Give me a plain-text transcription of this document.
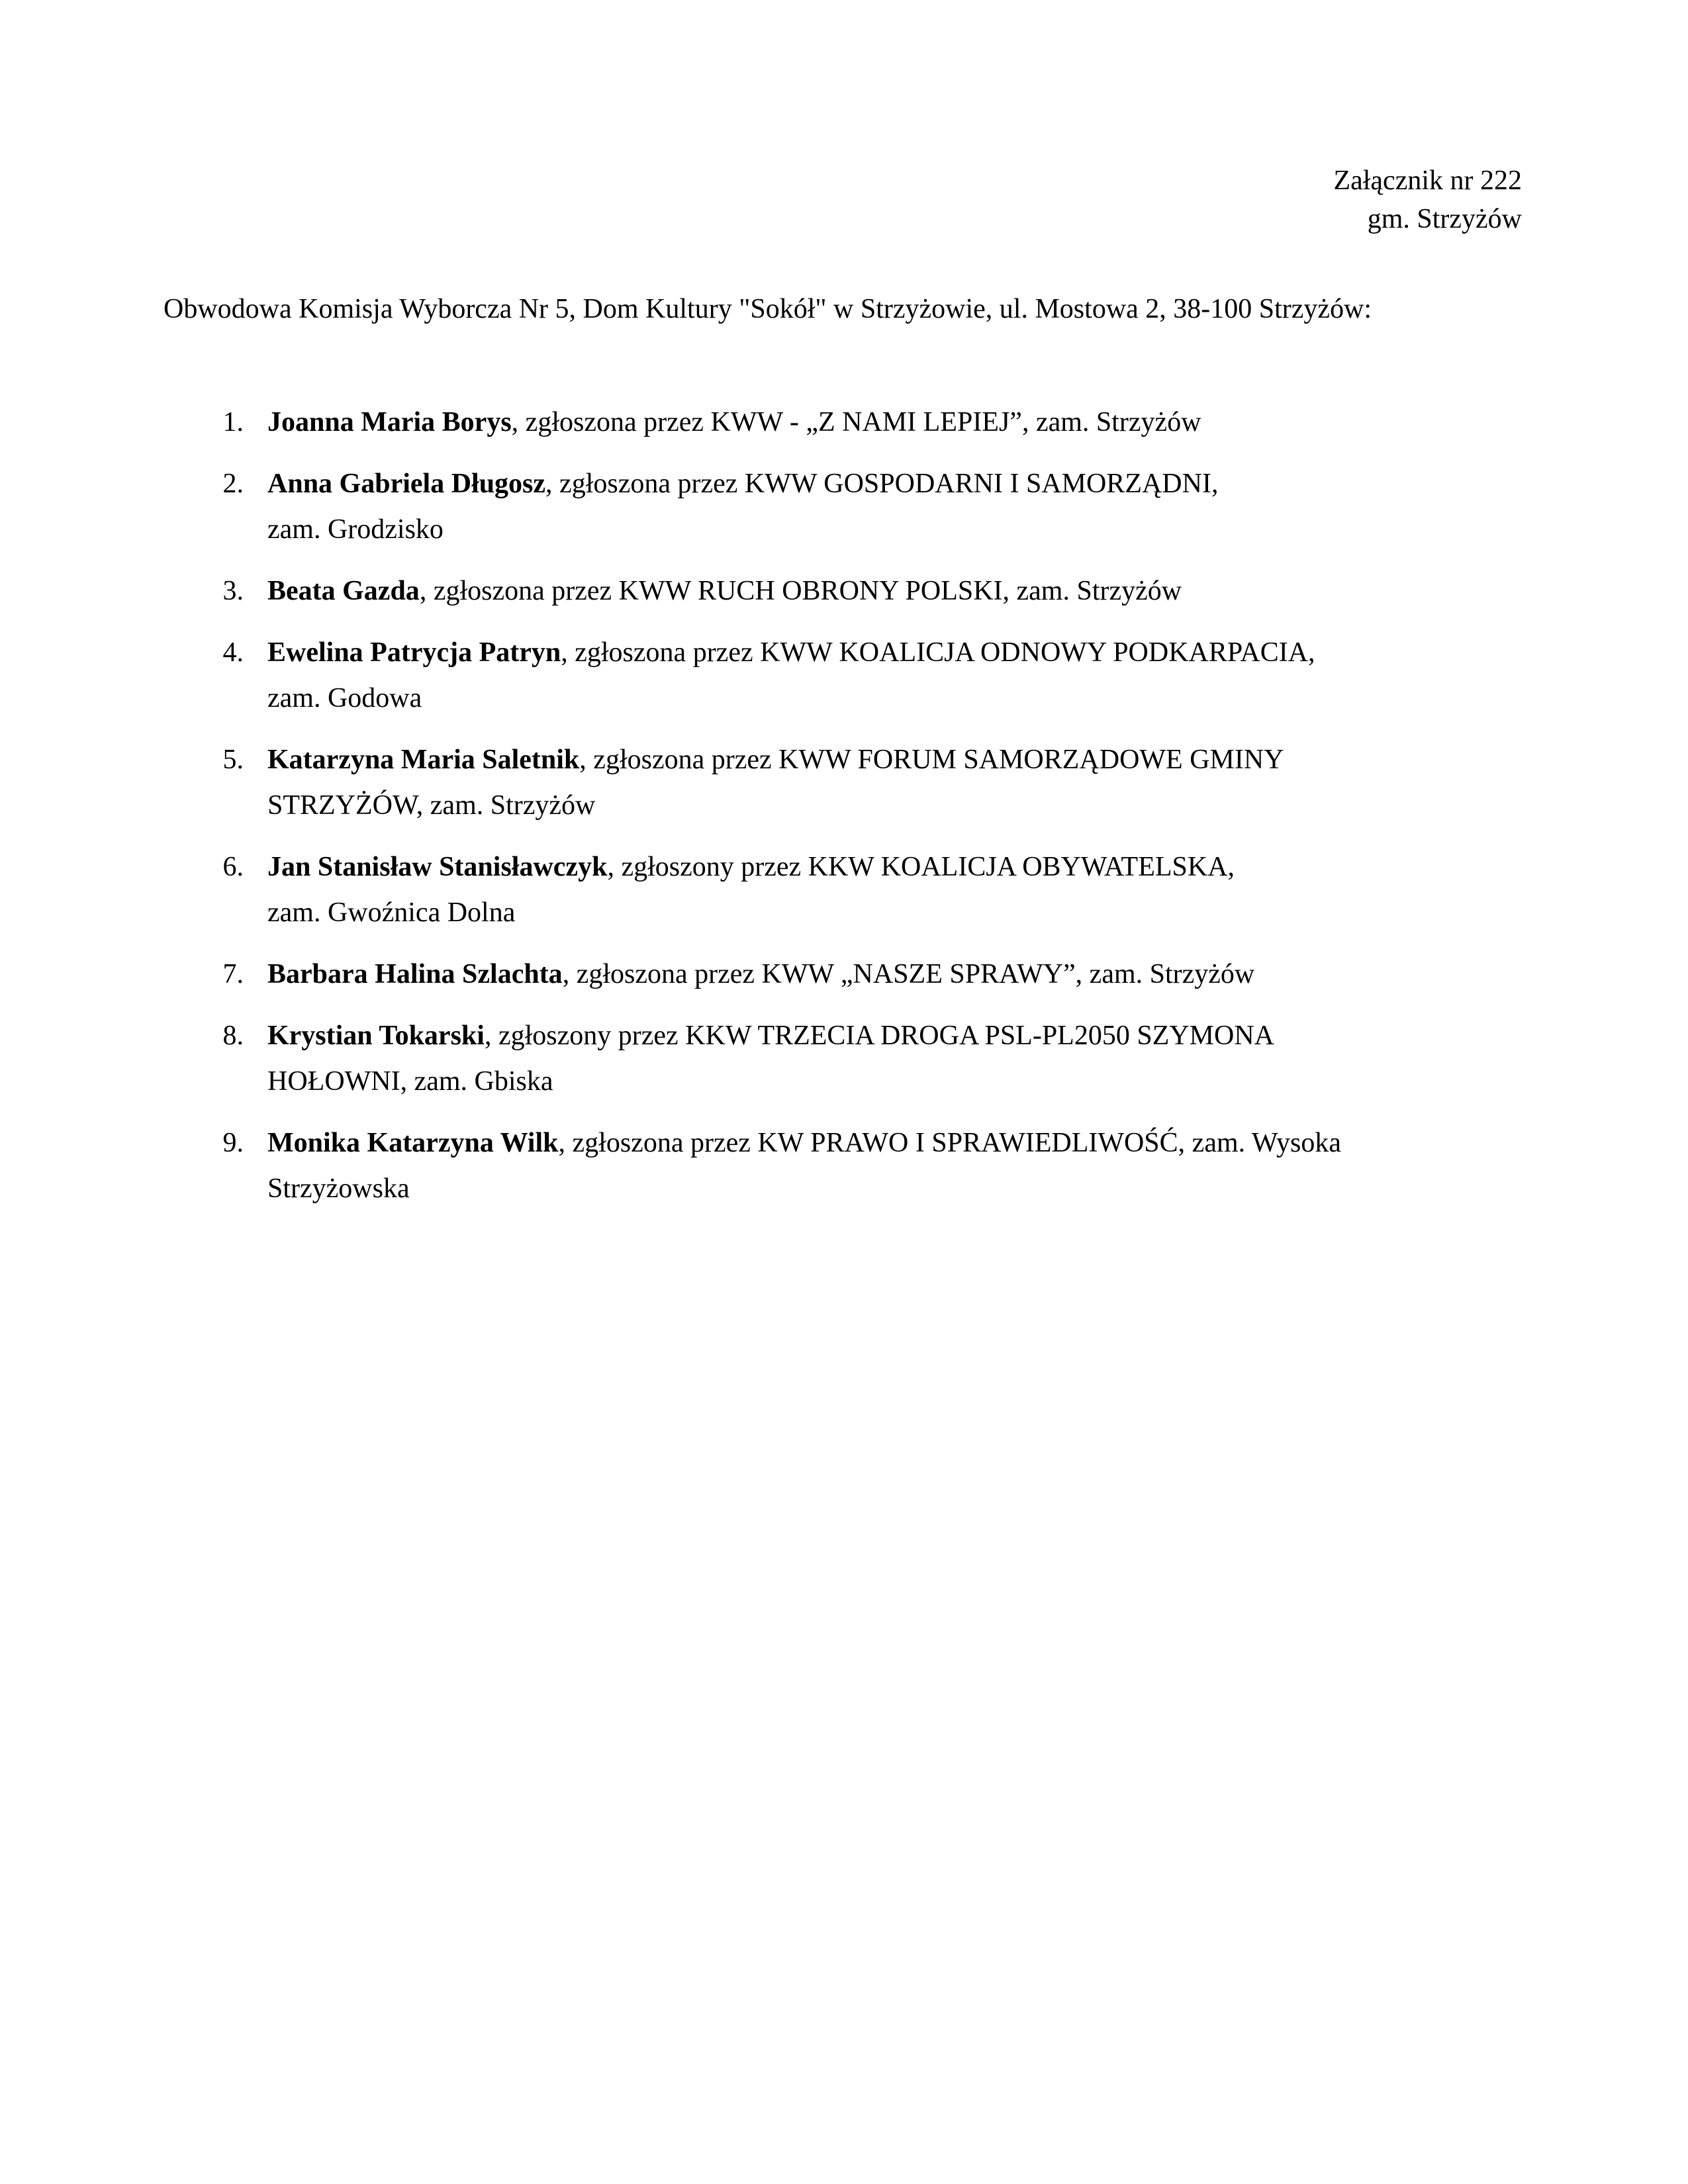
Załącznik nr 222
gm. Strzyżów
Obwodowa Komisja Wyborcza Nr 5, Dom Kultury "Sokół" w Strzyżowie, ul. Mostowa 2, 38-100 Strzyżów:
1. Joanna Maria Borys, zgłoszona przez KWW - „Z NAMI LEPIEJ”, zam. Strzyżów
2. Anna Gabriela Długosz, zgłoszona przez KWW GOSPODARNI I SAMORZĄDNI,
zam. Grodzisko
3. Beata Gazda, zgłoszona przez KWW RUCH OBRONY POLSKI, zam. Strzyżów
4. Ewelina Patrycja Patryn, zgłoszona przez KWW KOALICJA ODNOWY PODKARPACIA,
zam. Godowa
5. Katarzyna Maria Saletnik, zgłoszona przez KWW FORUM SAMORZĄDOWE GMINY
STRZYŻÓW, zam. Strzyżów
6. Jan Stanisław Stanisławczyk, zgłoszony przez KKW KOALICJA OBYWATELSKA,
zam. Gwoźnica Dolna
7. Barbara Halina Szlachta, zgłoszona przez KWW „NASZE SPRAWY”, zam. Strzyżów
8. Krystian Tokarski, zgłoszony przez KKW TRZECIA DROGA PSL-PL2050 SZYMONA
HOŁOWNI, zam. Gbiska
9. Monika Katarzyna Wilk, zgłoszona przez KW PRAWO I SPRAWIEDLIWOŚĆ, zam. Wysoka
Strzyżowska
